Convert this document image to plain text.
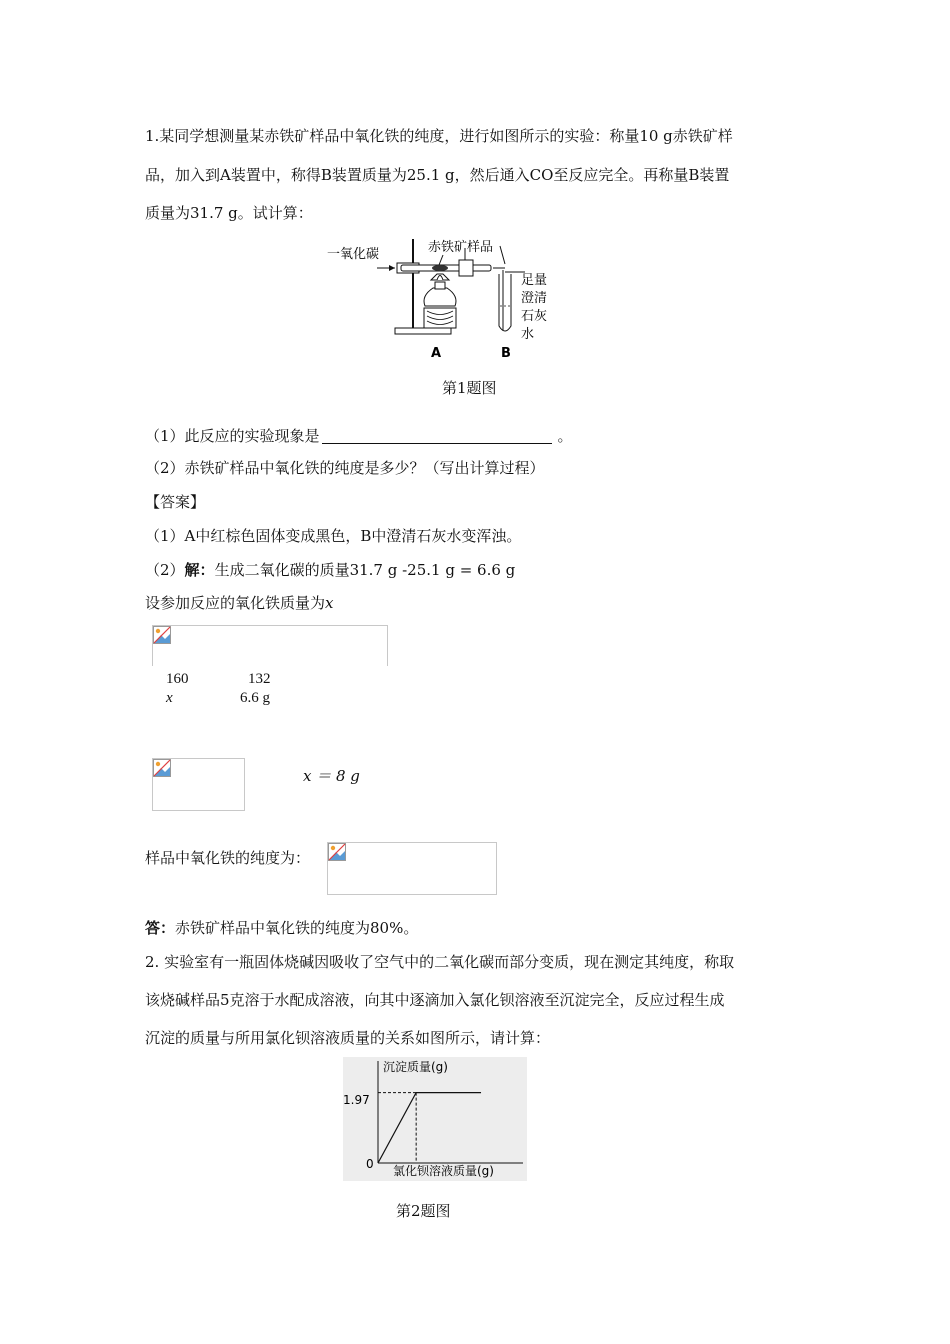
1.某同学想测量某赤铁矿样品中氧化铁的纯度，进行如图所示的实验：称量10 g赤铁矿样
品，加入到A装置中，称得B装置质量为25.1 g，然后通入CO至反应完全。再称量B装置
质量为31.7 g。试计算：
一氧化碳	赤铁矿样品
足量
澄清
石灰
水
A	B
第1题图
（1）此反应的实验现象是	。
（2）赤铁矿样品中氧化铁的纯度是多少？（写出计算过程）
【答案】
（1）A中红棕色固体变成黑色，B中澄清石灰水变浑浊。
（2）解：生成二氧化碳的质量31.7 g -25.1 g = 6.6 g
设参加反应的氧化铁质量为x
160	132
x	6.6 g
x ＝ 8 g
样品中氧化铁的纯度为：
答：赤铁矿样品中氧化铁的纯度为80%。
2. 实验室有一瓶固体烧碱因吸收了空气中的二氧化碳而部分变质，现在测定其纯度，称取
该烧碱样品5克溶于水配成溶液，向其中逐滴加入氯化钡溶液至沉淀完全，反应过程生成
沉淀的质量与所用氯化钡溶液质量的关系如图所示，请计算：
沉淀质量(g)
氯化钡溶液质量(g)
0
1.97
第2题图
